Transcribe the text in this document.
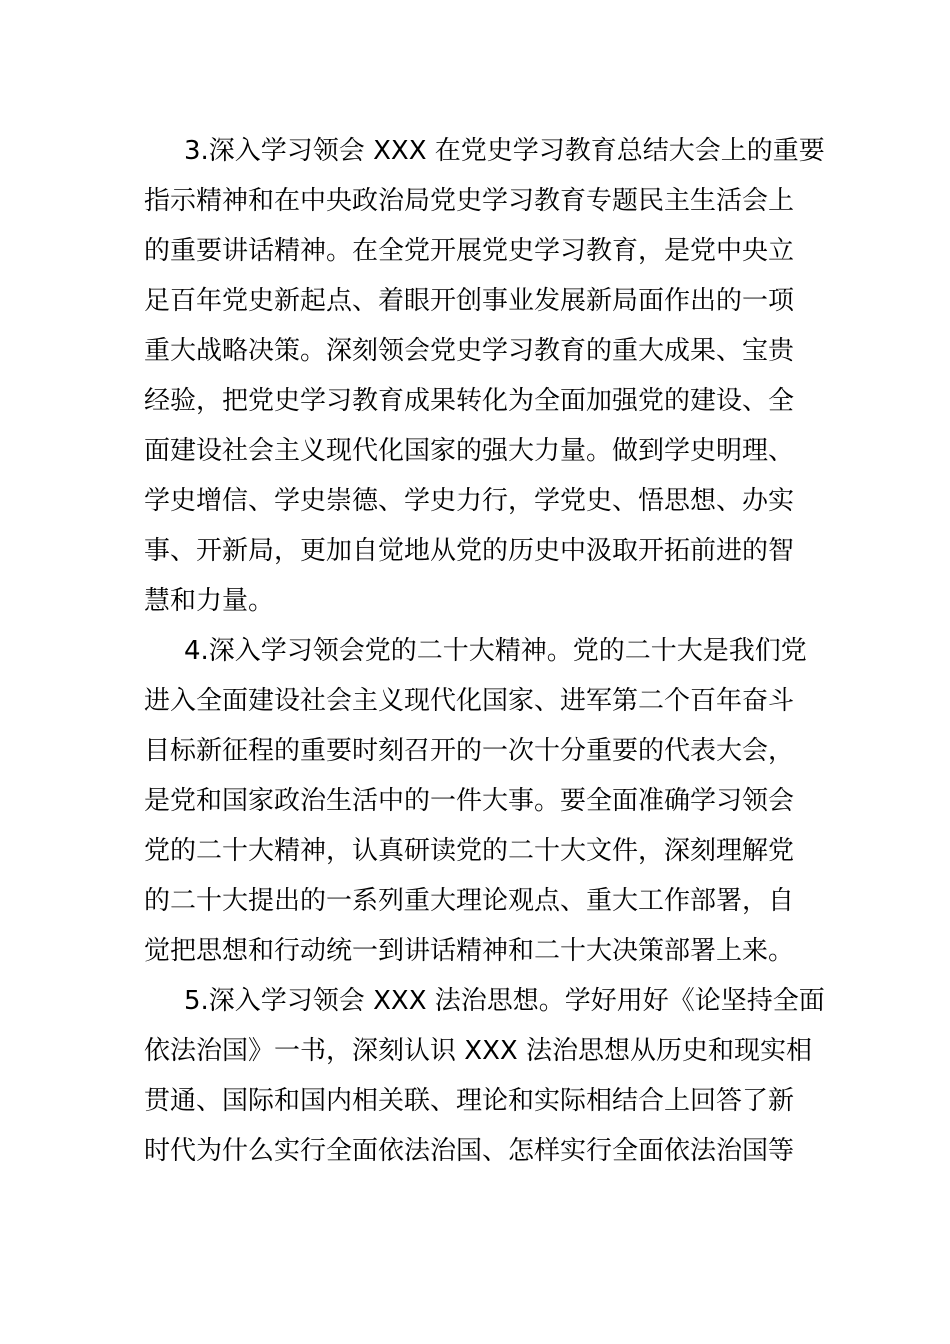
3.深入学习领会 XXX 在党史学习教育总结大会上的重要
指示精神和在中央政治局党史学习教育专题民主生活会上
的重要讲话精神。在全党开展党史学习教育，是党中央立
足百年党史新起点、着眼开创事业发展新局面作出的一项
重大战略决策。深刻领会党史学习教育的重大成果、宝贵
经验，把党史学习教育成果转化为全面加强党的建设、全
面建设社会主义现代化国家的强大力量。做到学史明理、
学史增信、学史崇德、学史力行，学党史、悟思想、办实
事、开新局，更加自觉地从党的历史中汲取开拓前进的智
慧和力量。
4.深入学习领会党的二十大精神。党的二十大是我们党
进入全面建设社会主义现代化国家、进军第二个百年奋斗
目标新征程的重要时刻召开的一次十分重要的代表大会，
是党和国家政治生活中的一件大事。要全面准确学习领会
党的二十大精神，认真研读党的二十大文件，深刻理解党
的二十大提出的一系列重大理论观点、重大工作部署，自
觉把思想和行动统一到讲话精神和二十大决策部署上来。
5.深入学习领会 XXX 法治思想。学好用好《论坚持全面
依法治国》一书，深刻认识 XXX 法治思想从历史和现实相
贯通、国际和国内相关联、理论和实际相结合上回答了新
时代为什么实行全面依法治国、怎样实行全面依法治国等
